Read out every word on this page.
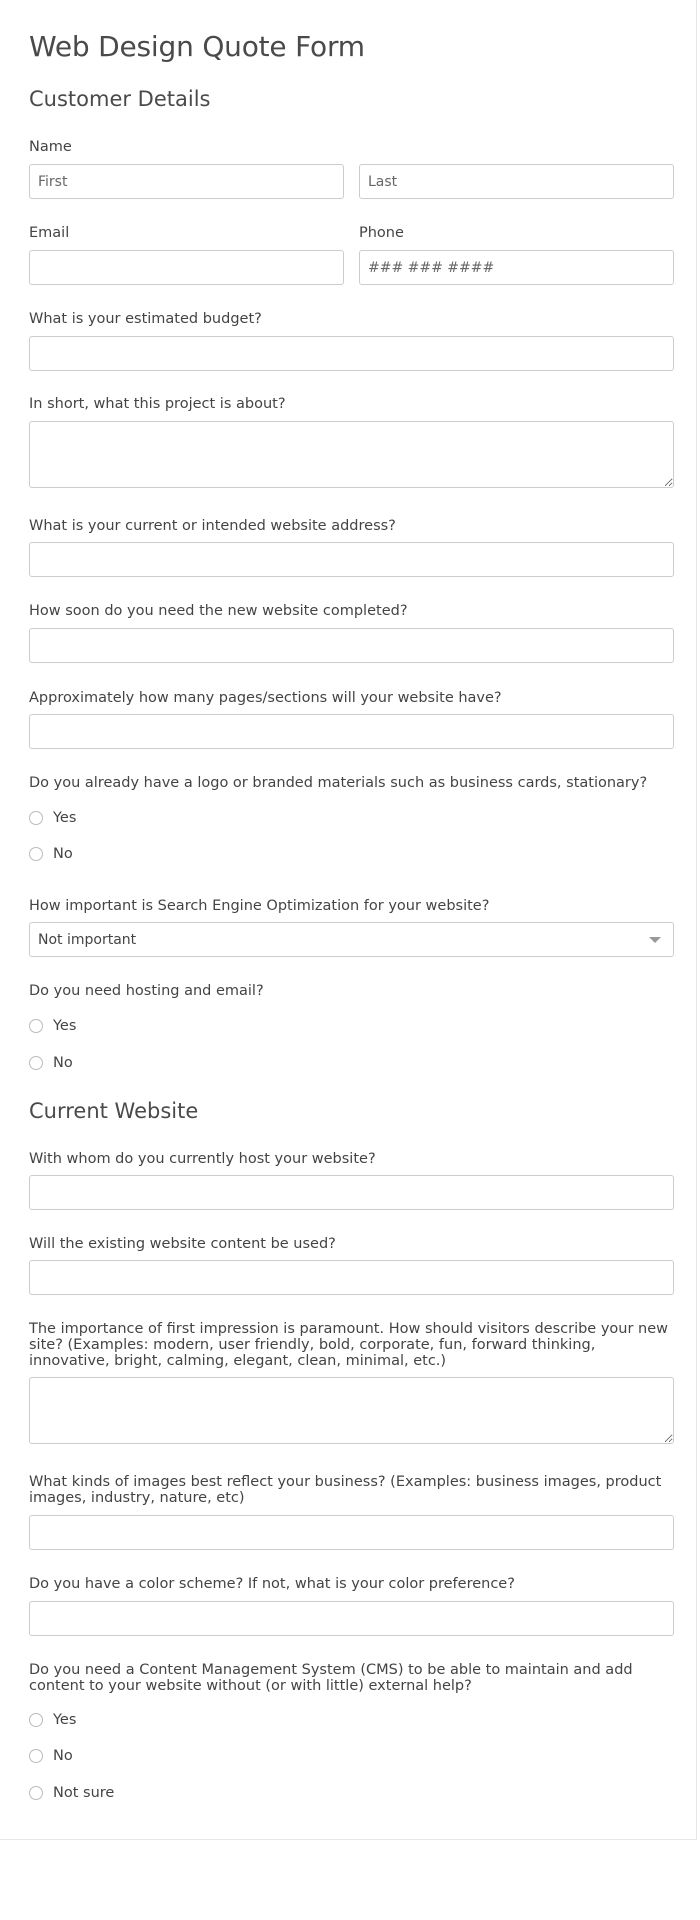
Web Design Quote Form
Customer Details
Name
First
Last
Email	Phone
### ### ####
What is your estimated budget?
In short, what this project is about?
What is your current or intended website address?
How soon do you need the new website completed?
Approximately how many pages/sections will your website have?
Do you already have a logo or branded materials such as business cards, stationary?
Yes
No
How important is Search Engine Optimization for your website?
Not important
Do you need hosting and email?
Yes
No
Current Website
With whom do you currently host your website?
Will the existing website content be used?
The importance of first impression is paramount. How should visitors describe your new site? (Examples: modern, user friendly, bold, corporate, fun, forward thinking, innovative, bright, calming, elegant, clean, minimal, etc.)
What kinds of images best reflect your business? (Examples: business images, product images, industry, nature, etc)
Do you have a color scheme? If not, what is your color preference?
Do you need a Content Management System (CMS) to be able to maintain and add content to your website without (or with little) external help?
Yes
No
Not sure
